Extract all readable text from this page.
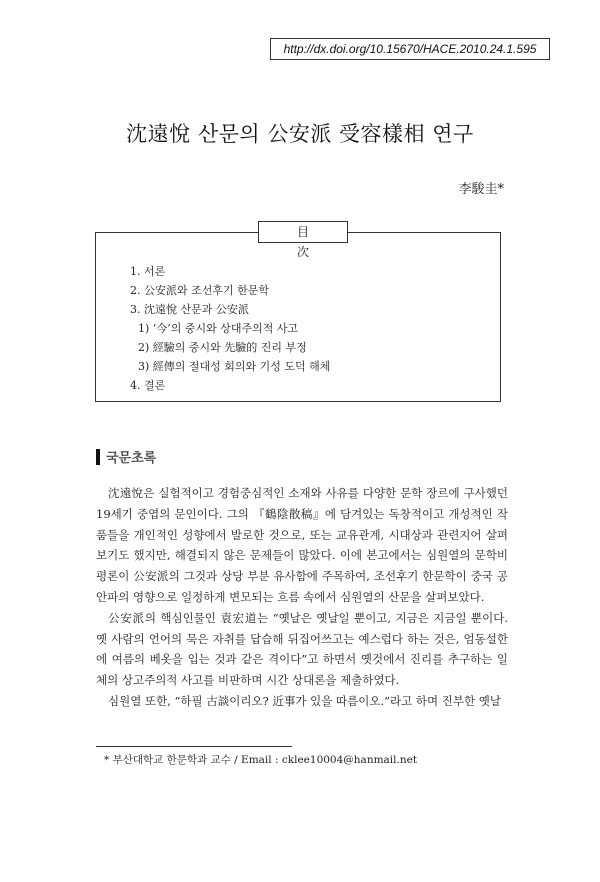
http://dx.doi.org/10.15670/HACE.2010.24.1.595
沈遠悅 산문의 公安派 受容樣相 연구
李駿圭*
目 次
1. 서론
2. 公安派와 조선후기 한문학
3. 沈遠悅 산문과 公安派
1) ‘今’의 중시와 상대주의적 사고
2) 經驗의 중시와 先驗的 진리 부정
3) 經傳의 절대성 회의와 기성 도덕 해체
4. 결론
국문초록

沈遠悅은 실험적이고 경험중심적인 소재와 사유를 다양한 문학 장르에 구사했던 19세기 중엽의 문인이다. 그의 『鶴陰散稿』에 담겨있는 독창적이고 개성적인 작품들을 개인적인 성향에서 발로한 것으로, 또는 교유관계, 시대상과 관련지어 살펴보기도 했지만, 해결되지 않은 문제들이 많았다. 이에 본고에서는 심원열의 문학비평론이 公安派의 그것과 상당 부분 유사함에 주목하여, 조선후기 한문학이 중국 공안파의 영향으로 일정하게 변모되는 흐름 속에서 심원열의 산문을 살펴보았다.

公安派의 핵심인물인 袁宏道는 “옛날은 옛날일 뿐이고, 지금은 지금일 뿐이다. 옛 사람의 언어의 묵은 자취를 답습해 뒤집어쓰고는 예스럽다 하는 것은, 엄동설한에 여름의 베옷을 입는 것과 같은 격이다”고 하면서 옛것에서 진리를 추구하는 일체의 상고주의적 사고를 비판하며 시간 상대론을 제출하였다.

심원열 또한, “하필 古談이리오? 近事가 있을 따름이오.”라고 하며 진부한 옛날

* 부산대학교 한문학과 교수 / Email : cklee10004@hanmail.net
